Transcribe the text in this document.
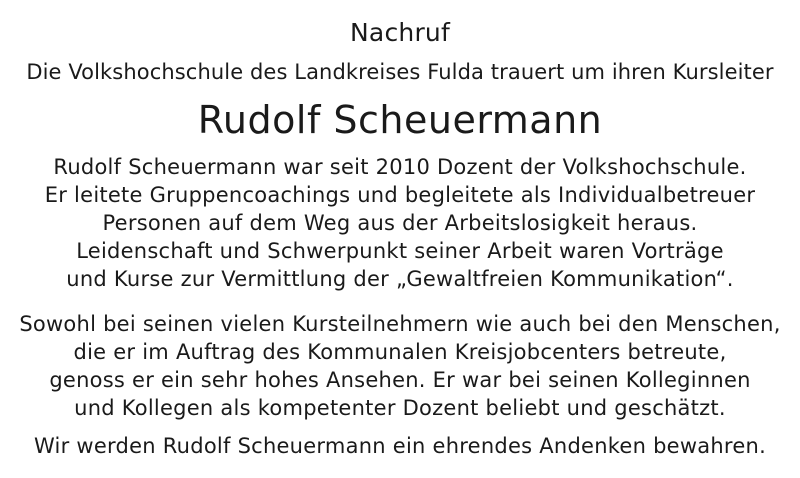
Nachruf
Die Volkshochschule des Landkreises Fulda trauert um ihren Kursleiter
Rudolf Scheuermann

Rudolf Scheuermann war seit 2010 Dozent der Volkshochschule.
Er leitete Gruppencoachings und begleitete als Individualbetreuer
Personen auf dem Weg aus der Arbeitslosigkeit heraus.
Leidenschaft und Schwerpunkt seiner Arbeit waren Vorträge
und Kurse zur Vermittlung der „Gewaltfreien Kommunikation“.

Sowohl bei seinen vielen Kursteilnehmern wie auch bei den Menschen,
die er im Auftrag des Kommunalen Kreisjobcenters betreute,
genoss er ein sehr hohes Ansehen. Er war bei seinen Kolleginnen
und Kollegen als kompetenter Dozent beliebt und geschätzt.

Wir werden Rudolf Scheuermann ein ehrendes Andenken bewahren.
